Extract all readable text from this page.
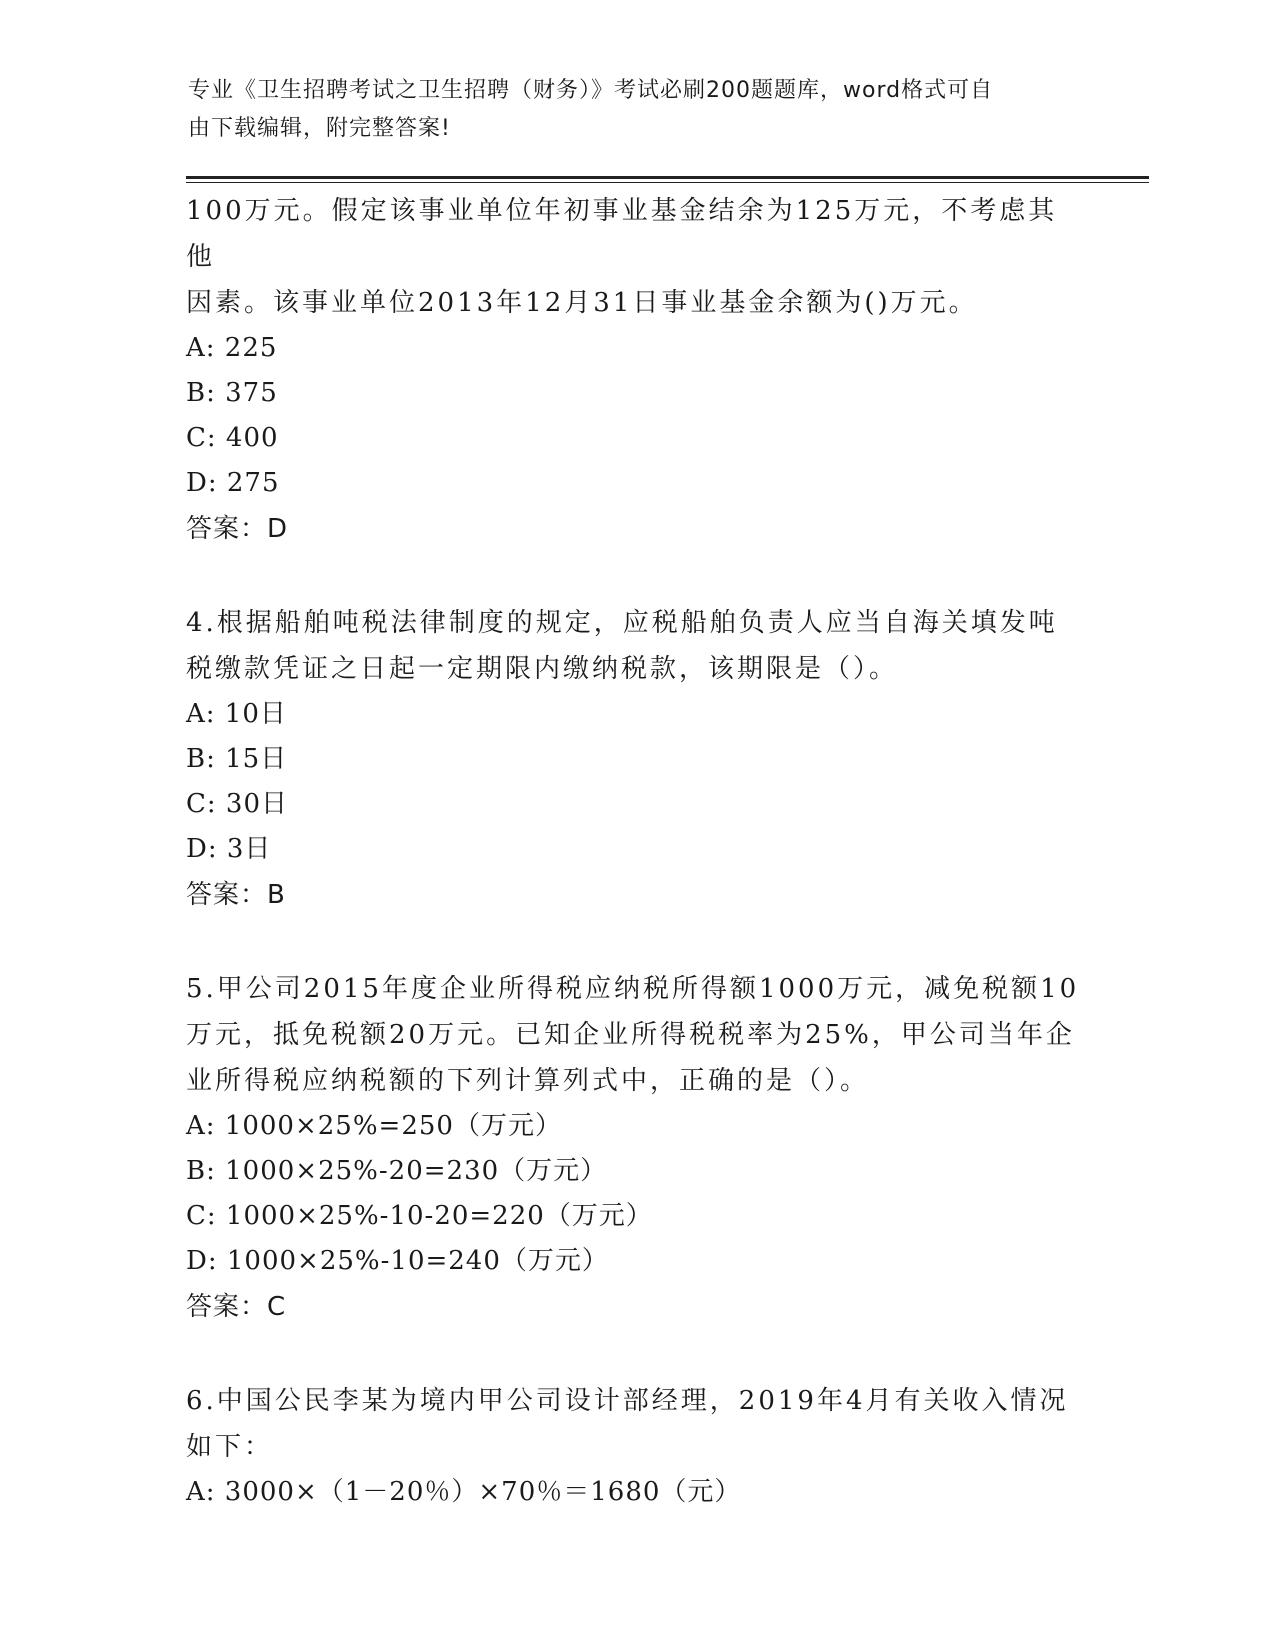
专业《卫生招聘考试之卫生招聘（财务）》考试必刷200题题库，word格式可自
由下载编辑，附完整答案!

100万元。假定该事业单位年初事业基金结余为125万元，不考虑其他

因素。该事业单位2013年12月31日事业基金余额为()万元。

A: 225

B: 375

C: 400

D: 275

答案：D

4.根据船舶吨税法律制度的规定，应税船舶负责人应当自海关填发吨

税缴款凭证之日起一定期限内缴纳税款，该期限是（）。

A: 10日

B: 15日

C: 30日

D: 3日

答案：B

5.甲公司2015年度企业所得税应纳税所得额1000万元，减免税额10

万元，抵免税额20万元。已知企业所得税税率为25%，甲公司当年企

业所得税应纳税额的下列计算列式中，正确的是（）。

A: 1000×25%=250（万元）

B: 1000×25%-20=230（万元）

C: 1000×25%-10-20=220（万元）

D: 1000×25%-10=240（万元）

答案：C

6.中国公民李某为境内甲公司设计部经理，2019年4月有关收入情况

如下：

A: 3000×（1－20％）×70％＝1680（元）
